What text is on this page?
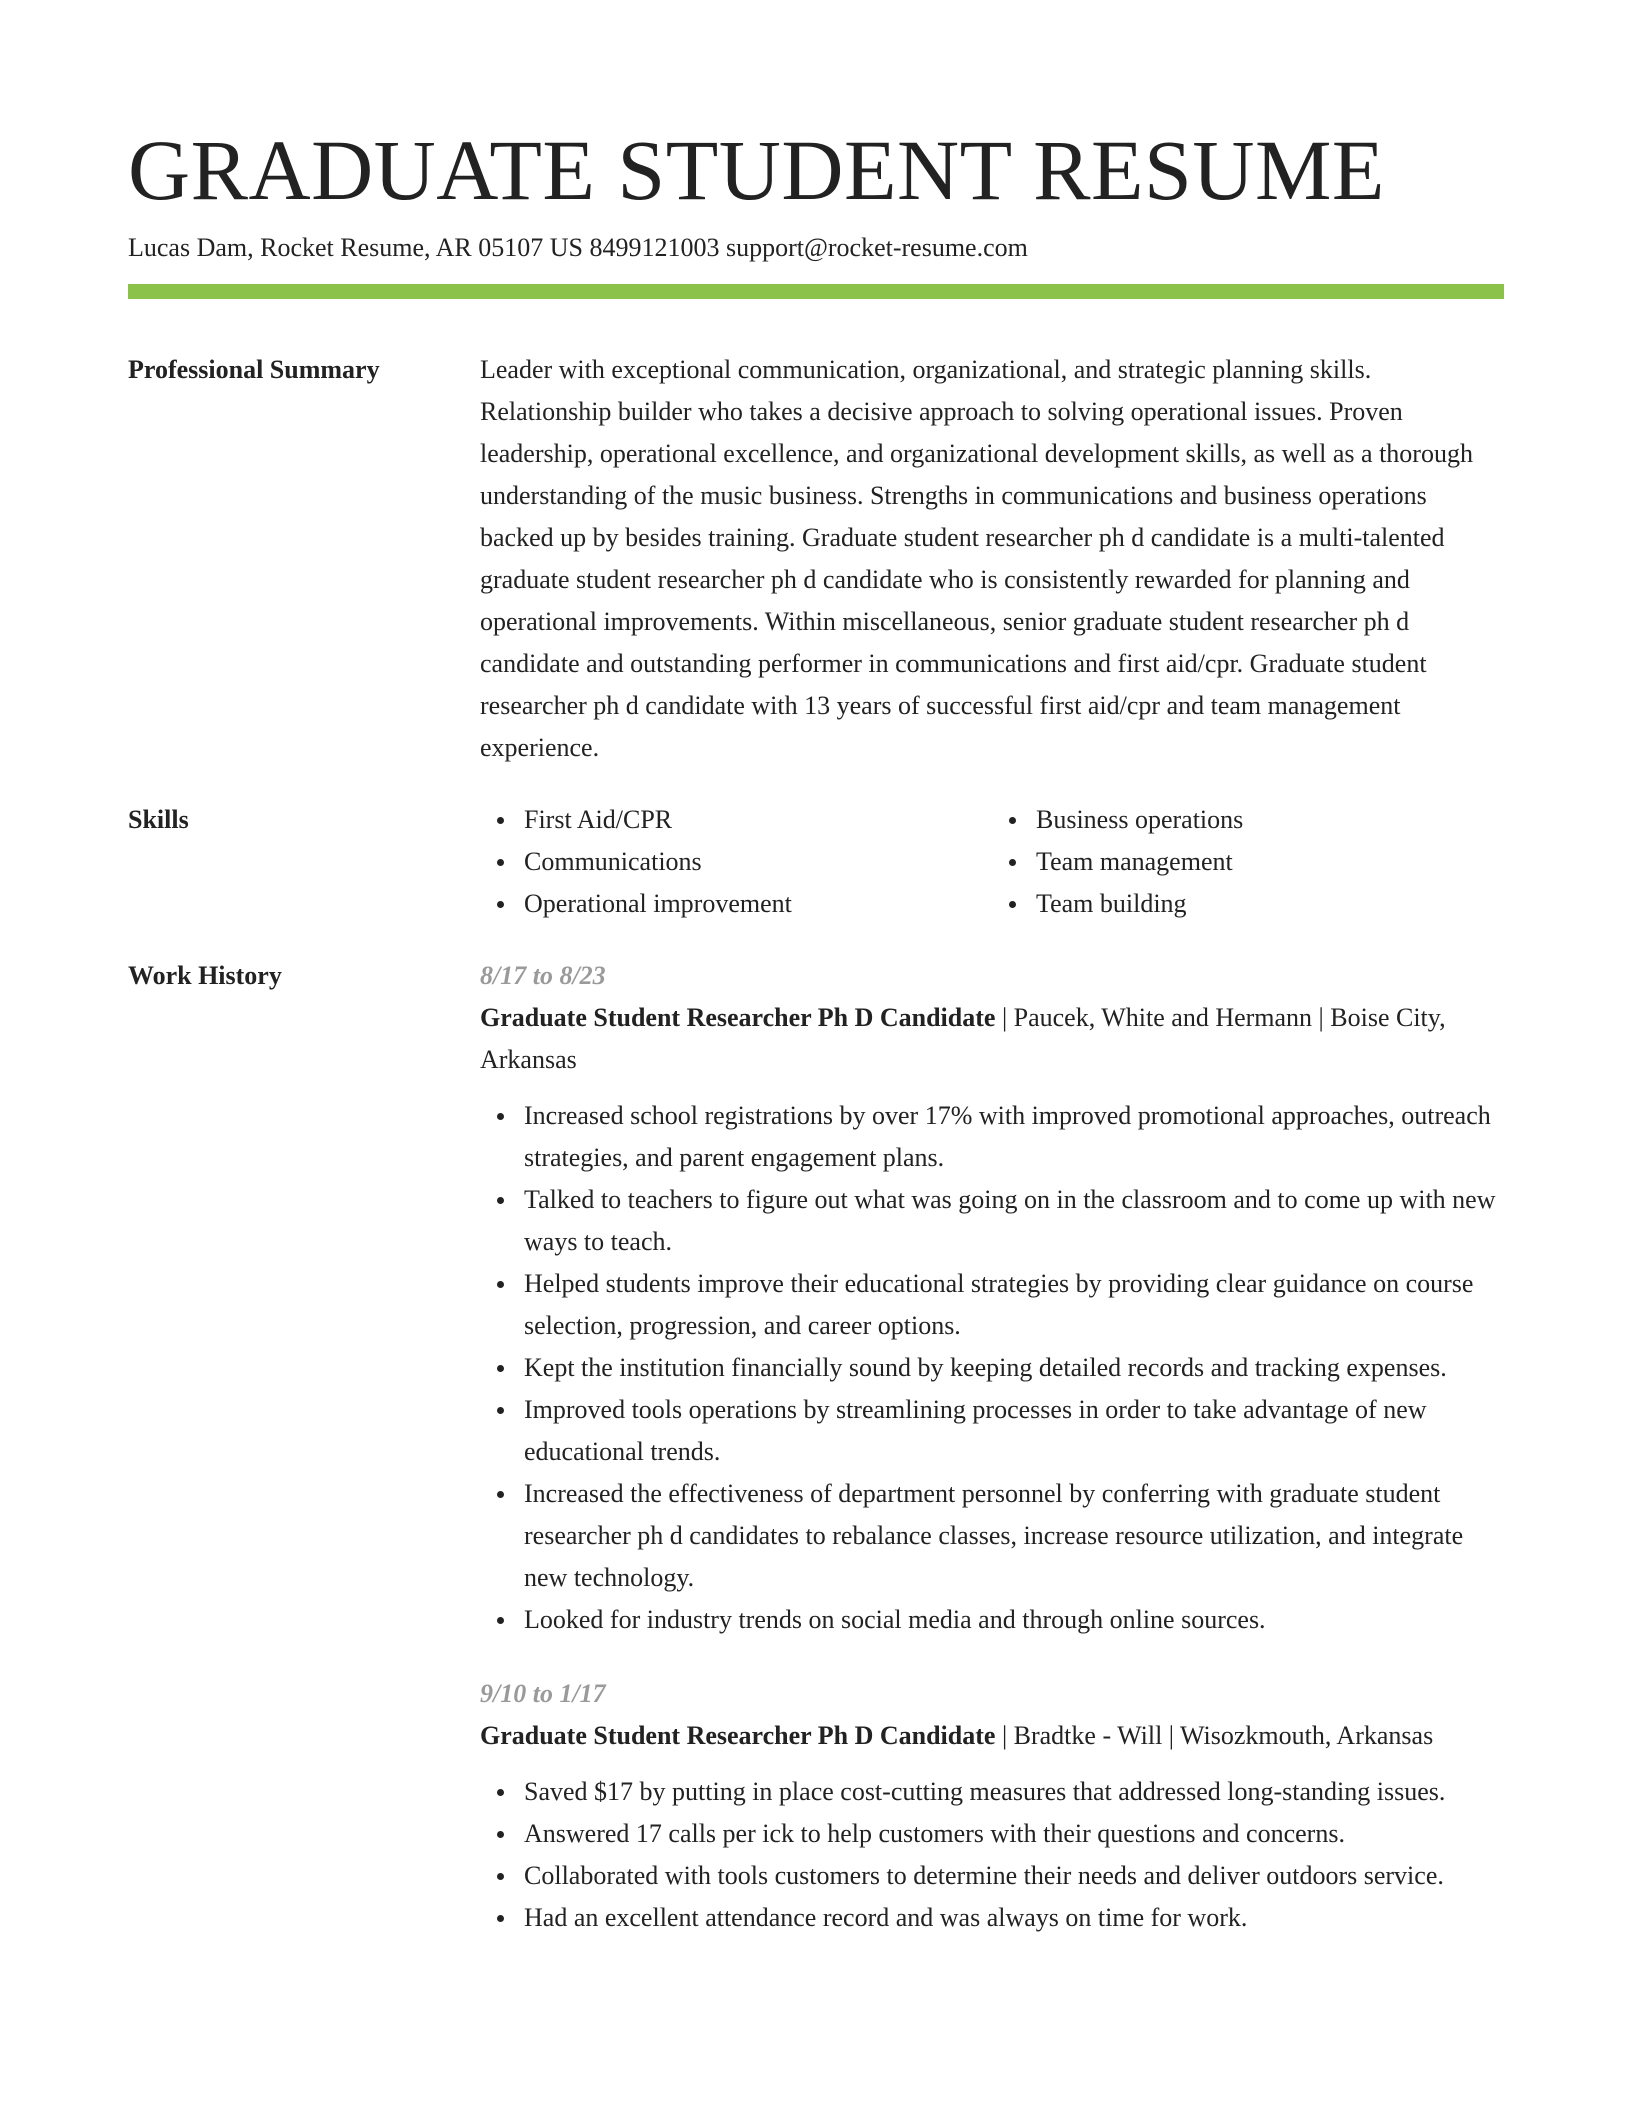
GRADUATE STUDENT RESUME
Lucas Dam, Rocket Resume, AR 05107 US 8499121003 support@rocket-resume.com
Professional Summary	Leader with exceptional communication, organizational, and strategic planning skills. Relationship builder who takes a decisive approach to solving operational issues. Proven leadership, operational excellence, and organizational development skills, as well as a thorough understanding of the music business. Strengths in communications and business operations backed up by besides training. Graduate student researcher ph d candidate is a multi-talented graduate student researcher ph d candidate who is consistently rewarded for planning and operational improvements. Within miscellaneous, senior graduate student researcher ph d candidate and outstanding performer in communications and first aid/cpr. Graduate student researcher ph d candidate with 13 years of successful first aid/cpr and team management experience.
Skills	First Aid/CPR
Communications
Operational improvement
Business operations
Team management
Team building
Work History	8/17 to 8/23
Graduate Student Researcher Ph D Candidate | Paucek, White and Hermann | Boise City, Arkansas
Increased school registrations by over 17% with improved promotional approaches, outreach strategies, and parent engagement plans.
Talked to teachers to figure out what was going on in the classroom and to come up with new ways to teach.
Helped students improve their educational strategies by providing clear guidance on course selection, progression, and career options.
Kept the institution financially sound by keeping detailed records and tracking expenses.
Improved tools operations by streamlining processes in order to take advantage of new educational trends.
Increased the effectiveness of department personnel by conferring with graduate student researcher ph d candidates to rebalance classes, increase resource utilization, and integrate new technology.
Looked for industry trends on social media and through online sources.
9/10 to 1/17
Graduate Student Researcher Ph D Candidate | Bradtke - Will | Wisozkmouth, Arkansas
Saved $17 by putting in place cost-cutting measures that addressed long-standing issues.
Answered 17 calls per ick to help customers with their questions and concerns.
Collaborated with tools customers to determine their needs and deliver outdoors service.
Had an excellent attendance record and was always on time for work.
